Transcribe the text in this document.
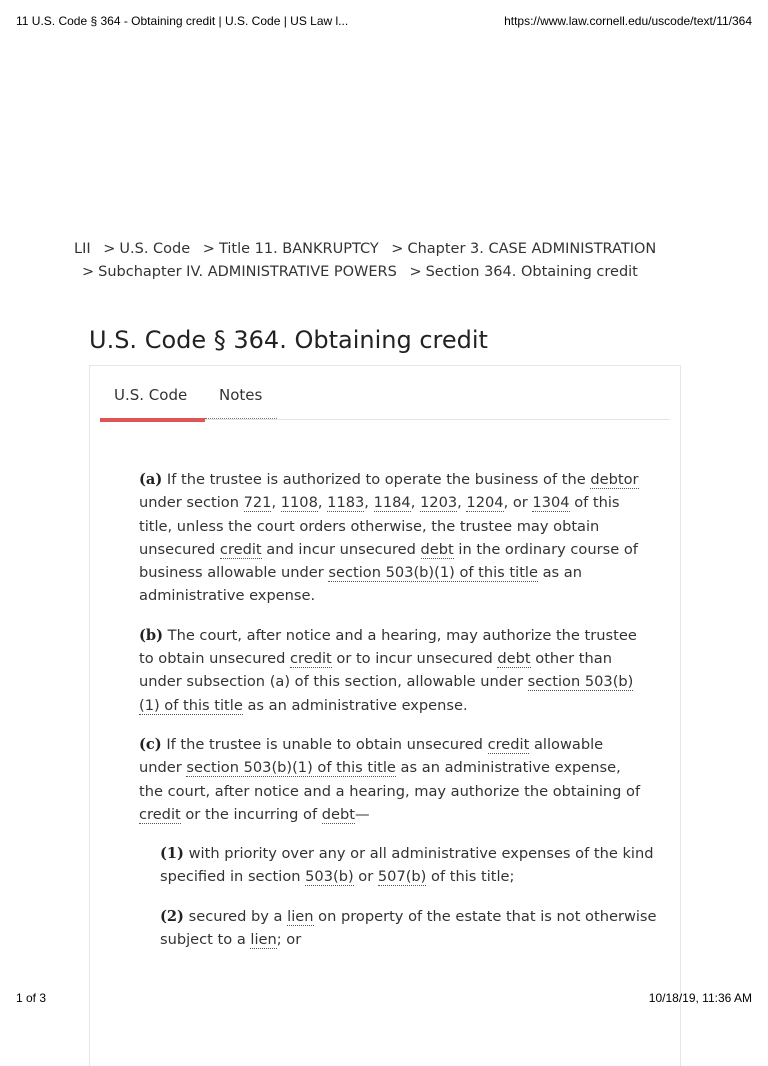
11 U.S. Code § 364 - Obtaining credit | U.S. Code | US Law l...	https://www.law.cornell.edu/uscode/text/11/364
LII > U.S. Code > Title 11. BANKRUPTCY > Chapter 3. CASE ADMINISTRATION > Subchapter IV. ADMINISTRATIVE POWERS > Section 364. Obtaining credit
U.S. Code § 364. Obtaining credit
U.S. Code Notes

(a) If the trustee is authorized to operate the business of the debtor under section 721, 1108, 1183, 1184, 1203, 1204, or 1304 of this title, unless the court orders otherwise, the trustee may obtain unsecured credit and incur unsecured debt in the ordinary course of business allowable under section 503(b)(1) of this title as an administrative expense.

(b) The court, after notice and a hearing, may authorize the trustee to obtain unsecured credit or to incur unsecured debt other than under subsection (a) of this section, allowable under section 503(b)(1) of this title as an administrative expense.

(c) If the trustee is unable to obtain unsecured credit allowable under section 503(b)(1) of this title as an administrative expense, the court, after notice and a hearing, may authorize the obtaining of credit or the incurring of debt—

(1) with priority over any or all administrative expenses of the kind specified in section 503(b) or 507(b) of this title;

(2) secured by a lien on property of the estate that is not otherwise subject to a lien; or

1 of 3	10/18/19, 11:36 AM
